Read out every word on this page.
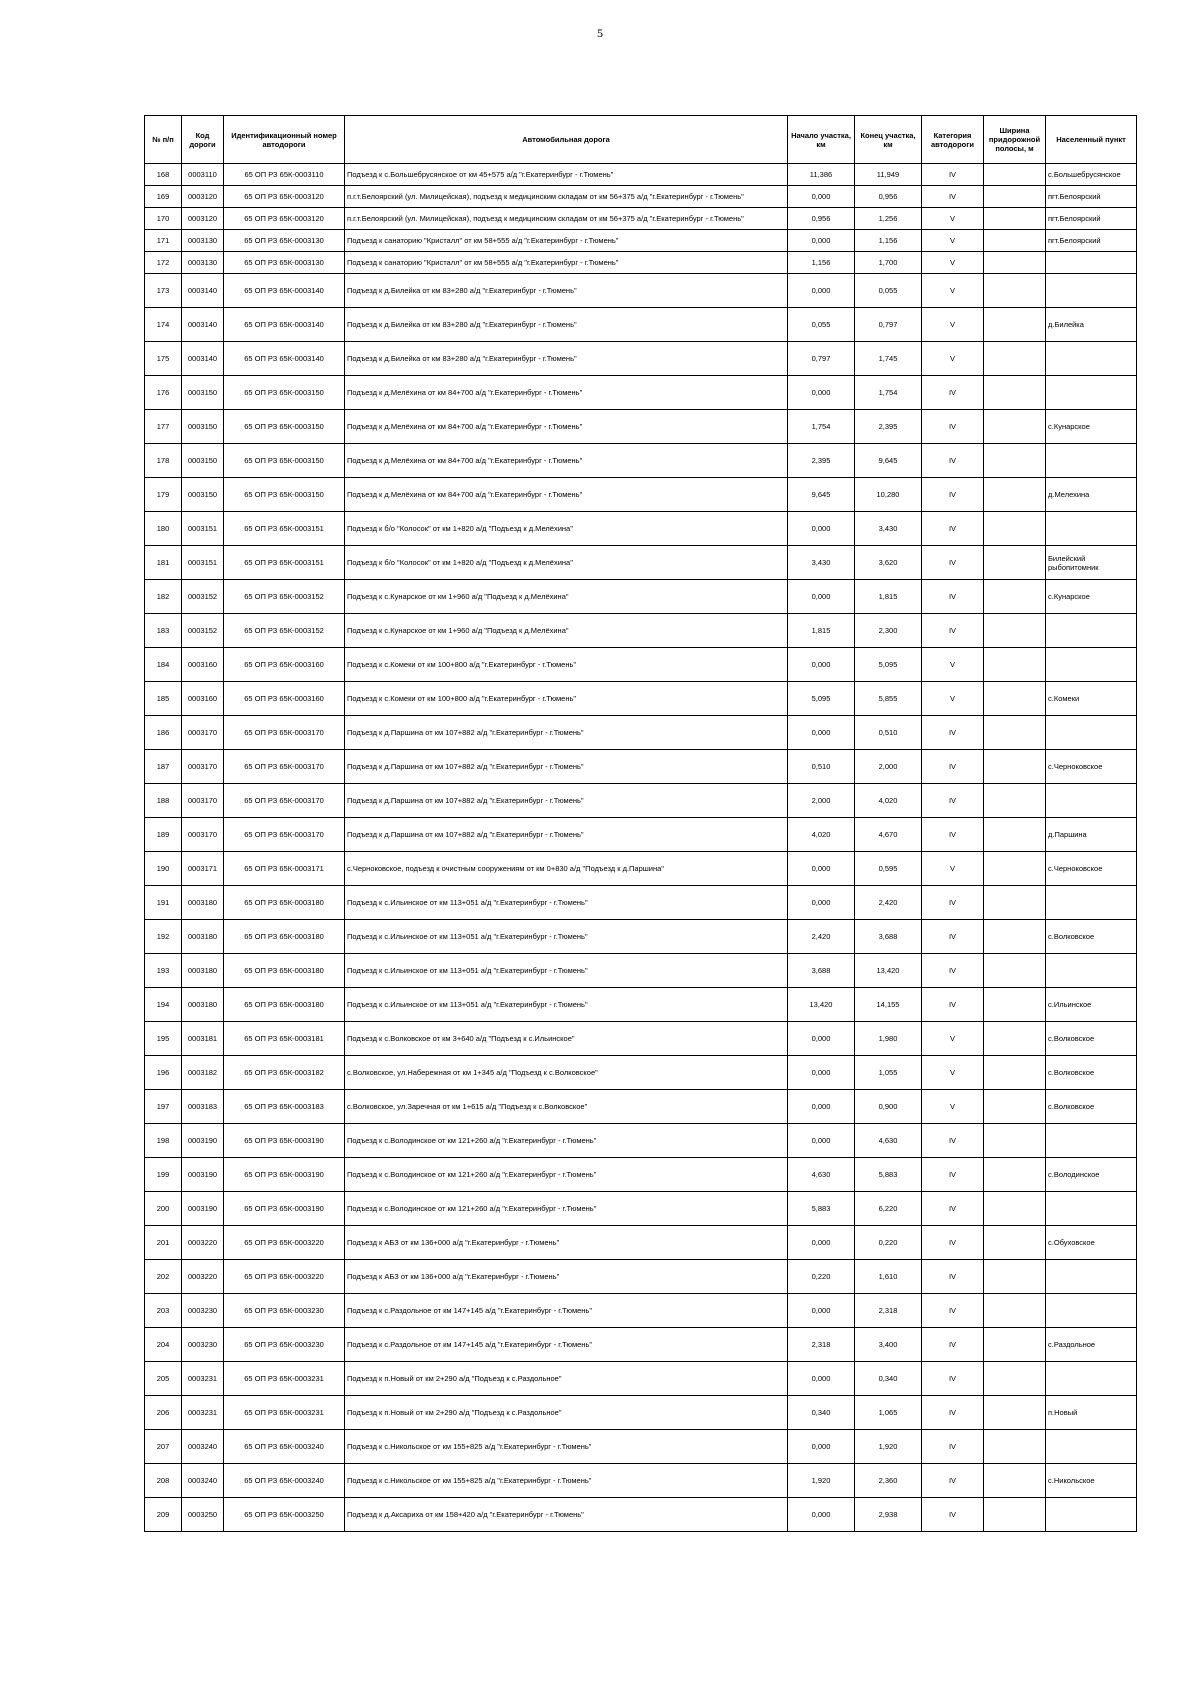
5
№ п/п	Код дороги	Идентификационный номер автодороги	Автомобильная дорога	Начало участка, км	Конец участка, км	Категория автодороги	Ширина придорожной полосы, м	Населенный пункт
168	0003110	65 ОП РЗ 65К-0003110	Подъезд к с.Большебрусянское от км 45+575 а/д "г.Екатеринбург - г.Тюмень"	11,386	11,949	IV		с.Большебрусянское
169	0003120	65 ОП РЗ 65К-0003120	п.г.т.Белоярский (ул. Милицейская), подъезд к медицинским складам от км 56+375 а/д "г.Екатеринбург - г.Тюмень"	0,000	0,956	IV		пгт.Белоярский
170	0003120	65 ОП РЗ 65К-0003120	п.г.т.Белоярский (ул. Милицейская), подъезд к медицинским складам от км 56+375 а/д "г.Екатеринбург - г.Тюмень"	0,956	1,256	V		пгт.Белоярский
171	0003130	65 ОП РЗ 65К-0003130	Подъезд к санаторию "Кристалл" от км 58+555 а/д "г.Екатеринбург - г.Тюмень"	0,000	1,156	V		пгт.Белоярский
172	0003130	65 ОП РЗ 65К-0003130	Подъезд к санаторию "Кристалл" от км 58+555 а/д "г.Екатеринбург - г.Тюмень"	1,156	1,700	V		
173	0003140	65 ОП РЗ 65К-0003140	Подъезд к д.Билейка от км 83+280 а/д "г.Екатеринбург - г.Тюмень"	0,000	0,055	V		
174	0003140	65 ОП РЗ 65К-0003140	Подъезд к д.Билейка от км 83+280 а/д "г.Екатеринбург - г.Тюмень"	0,055	0,797	V		д.Билейка
175	0003140	65 ОП РЗ 65К-0003140	Подъезд к д.Билейка от км 83+280 а/д "г.Екатеринбург - г.Тюмень"	0,797	1,745	V		
176	0003150	65 ОП РЗ 65К-0003150	Подъезд к д.Мелёхина от км 84+700 а/д "г.Екатеринбург - г.Тюмень"	0,000	1,754	IV		
177	0003150	65 ОП РЗ 65К-0003150	Подъезд к д.Мелёхина от км 84+700 а/д "г.Екатеринбург - г.Тюмень"	1,754	2,395	IV		с.Кунарское
178	0003150	65 ОП РЗ 65К-0003150	Подъезд к д.Мелёхина от км 84+700 а/д "г.Екатеринбург - г.Тюмень"	2,395	9,645	IV		
179	0003150	65 ОП РЗ 65К-0003150	Подъезд к д.Мелёхина от км 84+700 а/д "г.Екатеринбург - г.Тюмень"	9,645	10,280	IV		д.Мелехина
180	0003151	65 ОП РЗ 65К-0003151	Подъезд к б/о "Колосок" от км 1+820 а/д "Подъезд к д.Мелёхина"	0,000	3,430	IV		
181	0003151	65 ОП РЗ 65К-0003151	Подъезд к б/о "Колосок" от км 1+820 а/д "Подъезд к д.Мелёхина"	3,430	3,620	IV		Билейский рыбопитомник
182	0003152	65 ОП РЗ 65К-0003152	Подъезд к с.Кунарское от км 1+960 а/д "Подъезд к д.Мелёхина"	0,000	1,815	IV		с.Кунарское
183	0003152	65 ОП РЗ 65К-0003152	Подъезд к с.Кунарское от км 1+960 а/д "Подъезд к д.Мелёхина"	1,815	2,300	IV		
184	0003160	65 ОП РЗ 65К-0003160	Подъезд к с.Комеки от км 100+800 а/д "г.Екатеринбург - г.Тюмень"	0,000	5,095	V		
185	0003160	65 ОП РЗ 65К-0003160	Подъезд к с.Комеки от км 100+800 а/д "г.Екатеринбург - г.Тюмень"	5,095	5,855	V		с.Комеки
186	0003170	65 ОП РЗ 65К-0003170	Подъезд к д.Паршина от км 107+882 а/д "г.Екатеринбург - г.Тюмень"	0,000	0,510	IV		
187	0003170	65 ОП РЗ 65К-0003170	Подъезд к д.Паршина от км 107+882 а/д "г.Екатеринбург - г.Тюмень"	0,510	2,000	IV		с.Черноковское
188	0003170	65 ОП РЗ 65К-0003170	Подъезд к д.Паршина от км 107+882 а/д "г.Екатеринбург - г.Тюмень"	2,000	4,020	IV		
189	0003170	65 ОП РЗ 65К-0003170	Подъезд к д.Паршина от км 107+882 а/д "г.Екатеринбург - г.Тюмень"	4,020	4,670	IV		д.Паршина
190	0003171	65 ОП РЗ 65К-0003171	с.Черноковское, подъезд к очистным сооружениям от км 0+830 а/д "Подъезд к д.Паршина"	0,000	0,595	V		с.Черноковское
191	0003180	65 ОП РЗ 65К-0003180	Подъезд к с.Ильинское от км 113+051 а/д "г.Екатеринбург - г.Тюмень"	0,000	2,420	IV		
192	0003180	65 ОП РЗ 65К-0003180	Подъезд к с.Ильинское от км 113+051 а/д "г.Екатеринбург - г.Тюмень"	2,420	3,688	IV		с.Волковское
193	0003180	65 ОП РЗ 65К-0003180	Подъезд к с.Ильинское от км 113+051 а/д "г.Екатеринбург - г.Тюмень"	3,688	13,420	IV		
194	0003180	65 ОП РЗ 65К-0003180	Подъезд к с.Ильинское от км 113+051 а/д "г.Екатеринбург - г.Тюмень"	13,420	14,155	IV		с.Ильинское
195	0003181	65 ОП РЗ 65К-0003181	Подъезд к с.Волковское от км 3+640 а/д "Подъезд к с.Ильинское"	0,000	1,980	V		с.Волковское
196	0003182	65 ОП РЗ 65К-0003182	с.Волковское, ул.Набережная от км 1+345 а/д "Подъезд к с.Волковское"	0,000	1,055	V		с.Волковское
197	0003183	65 ОП РЗ 65К-0003183	с.Волковское, ул.Заречная от км 1+615 а/д "Подъезд к с.Волковское"	0,000	0,900	V		с.Волковское
198	0003190	65 ОП РЗ 65К-0003190	Подъезд к с.Володинское от км 121+260 а/д "г.Екатеринбург - г.Тюмень"	0,000	4,630	IV		
199	0003190	65 ОП РЗ 65К-0003190	Подъезд к с.Володинское от км 121+260 а/д "г.Екатеринбург - г.Тюмень"	4,630	5,883	IV		с.Володинское
200	0003190	65 ОП РЗ 65К-0003190	Подъезд к с.Володинское от км 121+260 а/д "г.Екатеринбург - г.Тюмень"	5,883	6,220	IV		
201	0003220	65 ОП РЗ 65К-0003220	Подъезд к АБЗ от км 136+000 а/д "г.Екатеринбург - г.Тюмень"	0,000	0,220	IV		с.Обуховское
202	0003220	65 ОП РЗ 65К-0003220	Подъезд к АБЗ от км 136+000 а/д "г.Екатеринбург - г.Тюмень"	0,220	1,610	IV		
203	0003230	65 ОП РЗ 65К-0003230	Подъезд к с.Раздольное от км 147+145 а/д "г.Екатеринбург - г.Тюмень"	0,000	2,318	IV		
204	0003230	65 ОП РЗ 65К-0003230	Подъезд к с.Раздольное от км 147+145 а/д "г.Екатеринбург - г.Тюмень"	2,318	3,400	IV		с.Раздольное
205	0003231	65 ОП РЗ 65К-0003231	Подъезд к п.Новый от км 2+290 а/д "Подъезд к с.Раздольное"	0,000	0,340	IV		
206	0003231	65 ОП РЗ 65К-0003231	Подъезд к п.Новый от км 2+290 а/д "Подъезд к с.Раздольное"	0,340	1,065	IV		п.Новый
207	0003240	65 ОП РЗ 65К-0003240	Подъезд к с.Никольское от км 155+825 а/д "г.Екатеринбург - г.Тюмень"	0,000	1,920	IV		
208	0003240	65 ОП РЗ 65К-0003240	Подъезд к с.Никольское от км 155+825 а/д "г.Екатеринбург - г.Тюмень"	1,920	2,360	IV		с.Никольское
209	0003250	65 ОП РЗ 65К-0003250	Подъезд к д.Аксариха от км 158+420 а/д "г.Екатеринбург - г.Тюмень"	0,000	2,938	IV		
